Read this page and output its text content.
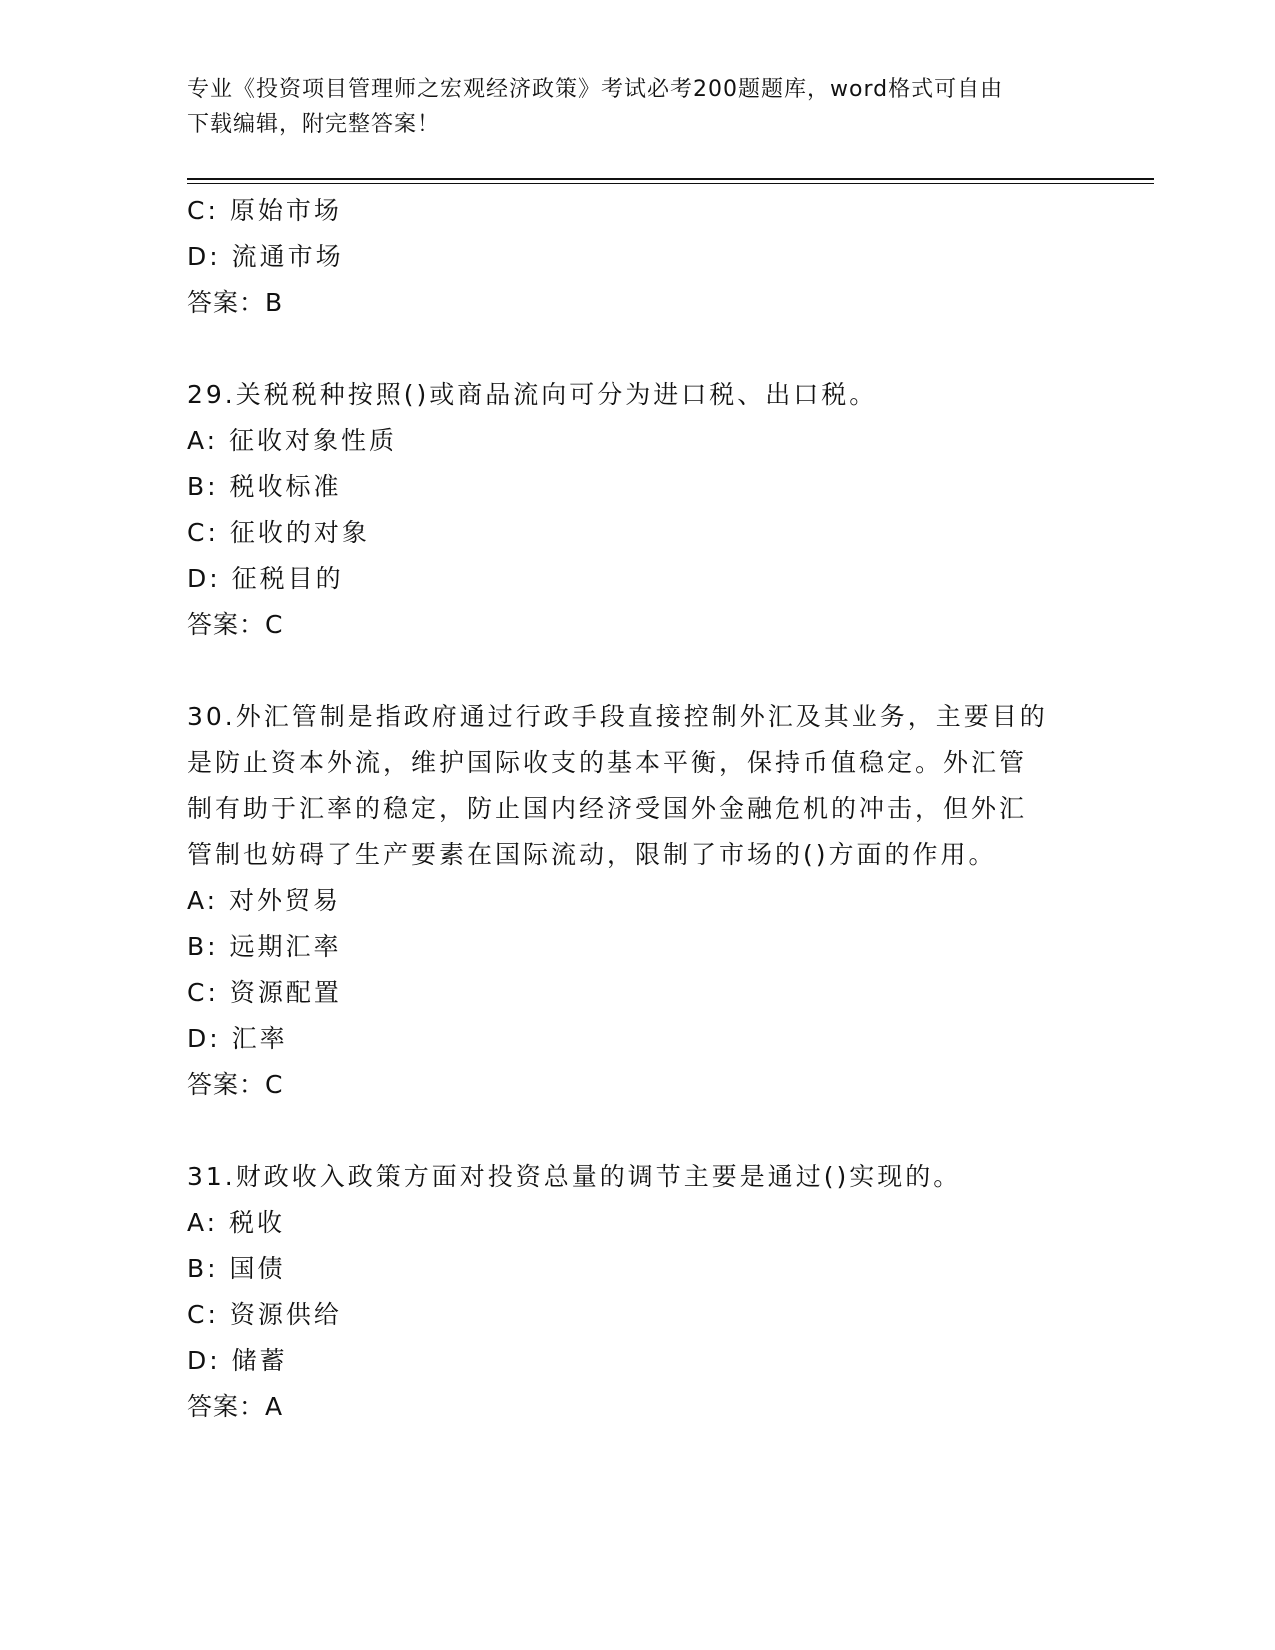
专业《投资项目管理师之宏观经济政策》考试必考200题题库，word格式可自由
下载编辑，附完整答案！
C: 原始市场
D: 流通市场
答案：B
29.关税税种按照()或商品流向可分为进口税、出口税。
A: 征收对象性质
B: 税收标准
C: 征收的对象
D: 征税目的
答案：C
30.外汇管制是指政府通过行政手段直接控制外汇及其业务，主要目的
是防止资本外流，维护国际收支的基本平衡，保持币值稳定。外汇管
制有助于汇率的稳定，防止国内经济受国外金融危机的冲击，但外汇
管制也妨碍了生产要素在国际流动，限制了市场的()方面的作用。
A: 对外贸易
B: 远期汇率
C: 资源配置
D: 汇率
答案：C
31.财政收入政策方面对投资总量的调节主要是通过()实现的。
A: 税收
B: 国债
C: 资源供给
D: 储蓄
答案：A
